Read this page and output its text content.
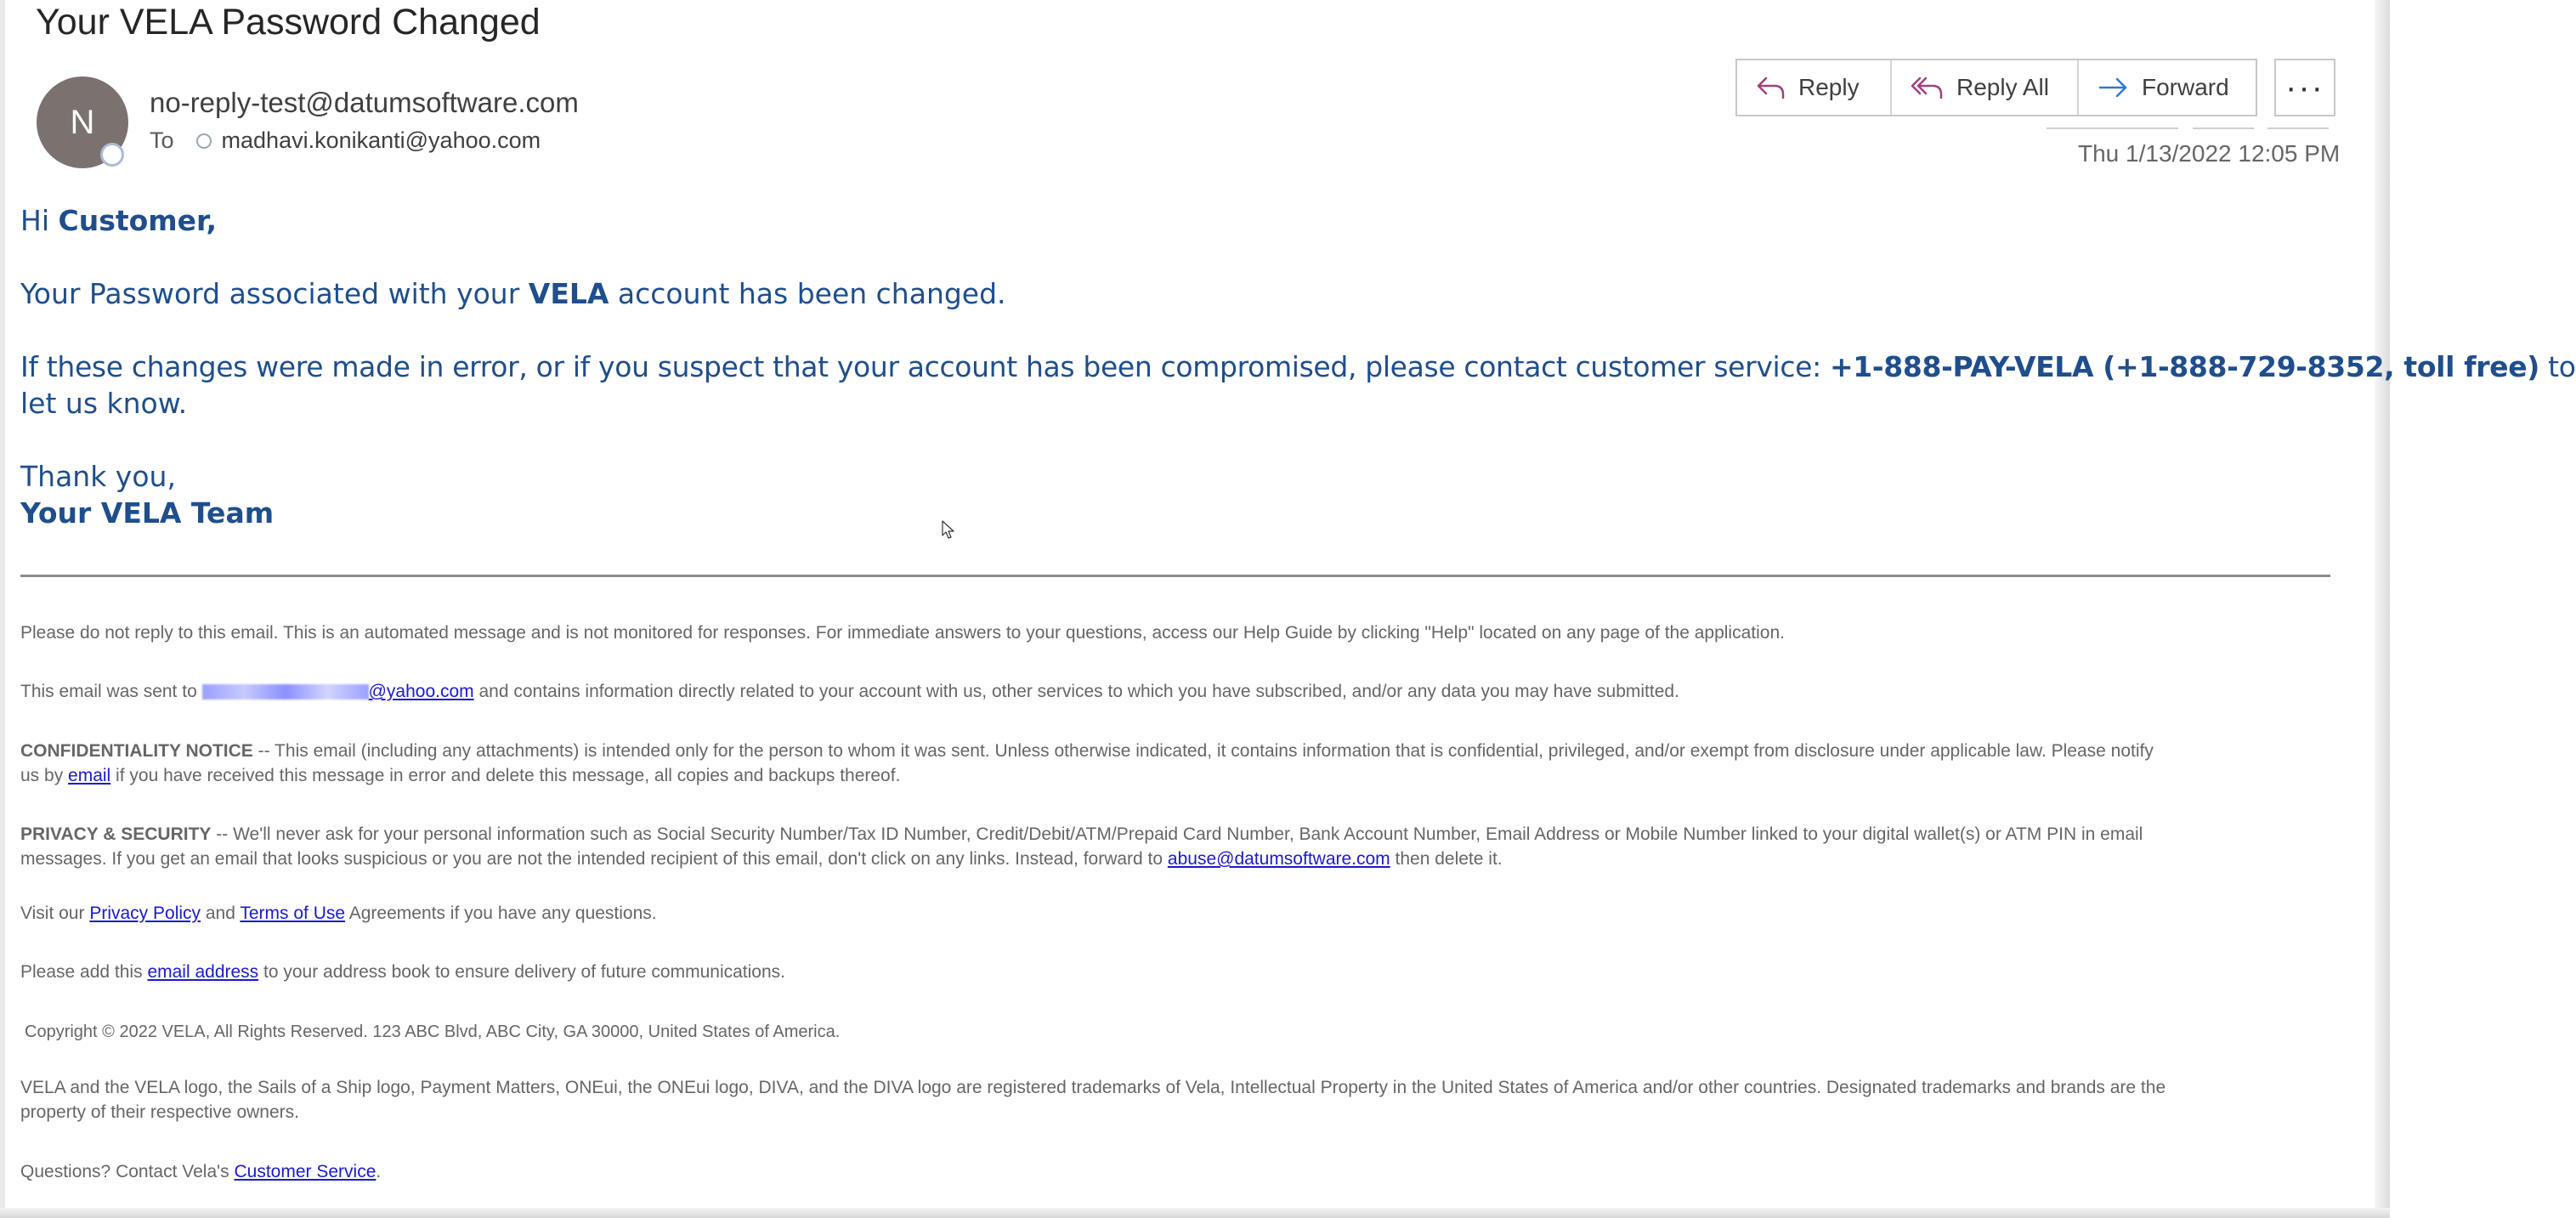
Your VELA Password Changed
N
no-reply-test@datumsoftware.com
To madhavi.konikanti@yahoo.com
Reply	Reply All	Forward ···
Thu 1/13/2022 12:05 PM
Hi Customer,
Your Password associated with your VELA account has been changed.
If these changes were made in error, or if you suspect that your account has been compromised, please contact customer service: +1-888-PAY-VELA (+1-888-729-8352, toll free) to
let us know.
Thank you,
Your VELA Team
Please do not reply to this email. This is an automated message and is not monitored for responses. For immediate answers to your questions, access our Help Guide by clicking "Help" located on any page of the application.
This email was sent to	@yahoo.com and contains information directly related to your account with us, other services to which you have subscribed, and/or any data you may have submitted.
CONFIDENTIALITY NOTICE -- This email (including any attachments) is intended only for the person to whom it was sent. Unless otherwise indicated, it contains information that is confidential, privileged, and/or exempt from disclosure under applicable law. Please notify
us by email if you have received this message in error and delete this message, all copies and backups thereof.
PRIVACY & SECURITY -- We'll never ask for your personal information such as Social Security Number/Tax ID Number, Credit/Debit/ATM/Prepaid Card Number, Bank Account Number, Email Address or Mobile Number linked to your digital wallet(s) or ATM PIN in email
messages. If you get an email that looks suspicious or you are not the intended recipient of this email, don't click on any links. Instead, forward to abuse@datumsoftware.com then delete it.
Visit our Privacy Policy and Terms of Use Agreements if you have any questions.
Please add this email address to your address book to ensure delivery of future communications.
Copyright © 2022 VELA, All Rights Reserved. 123 ABC Blvd, ABC City, GA 30000, United States of America.
VELA and the VELA logo, the Sails of a Ship logo, Payment Matters, ONEui, the ONEui logo, DIVA, and the DIVA logo are registered trademarks of Vela, Intellectual Property in the United States of America and/or other countries. Designated trademarks and brands are the
property of their respective owners.
Questions? Contact Vela's Customer Service.
